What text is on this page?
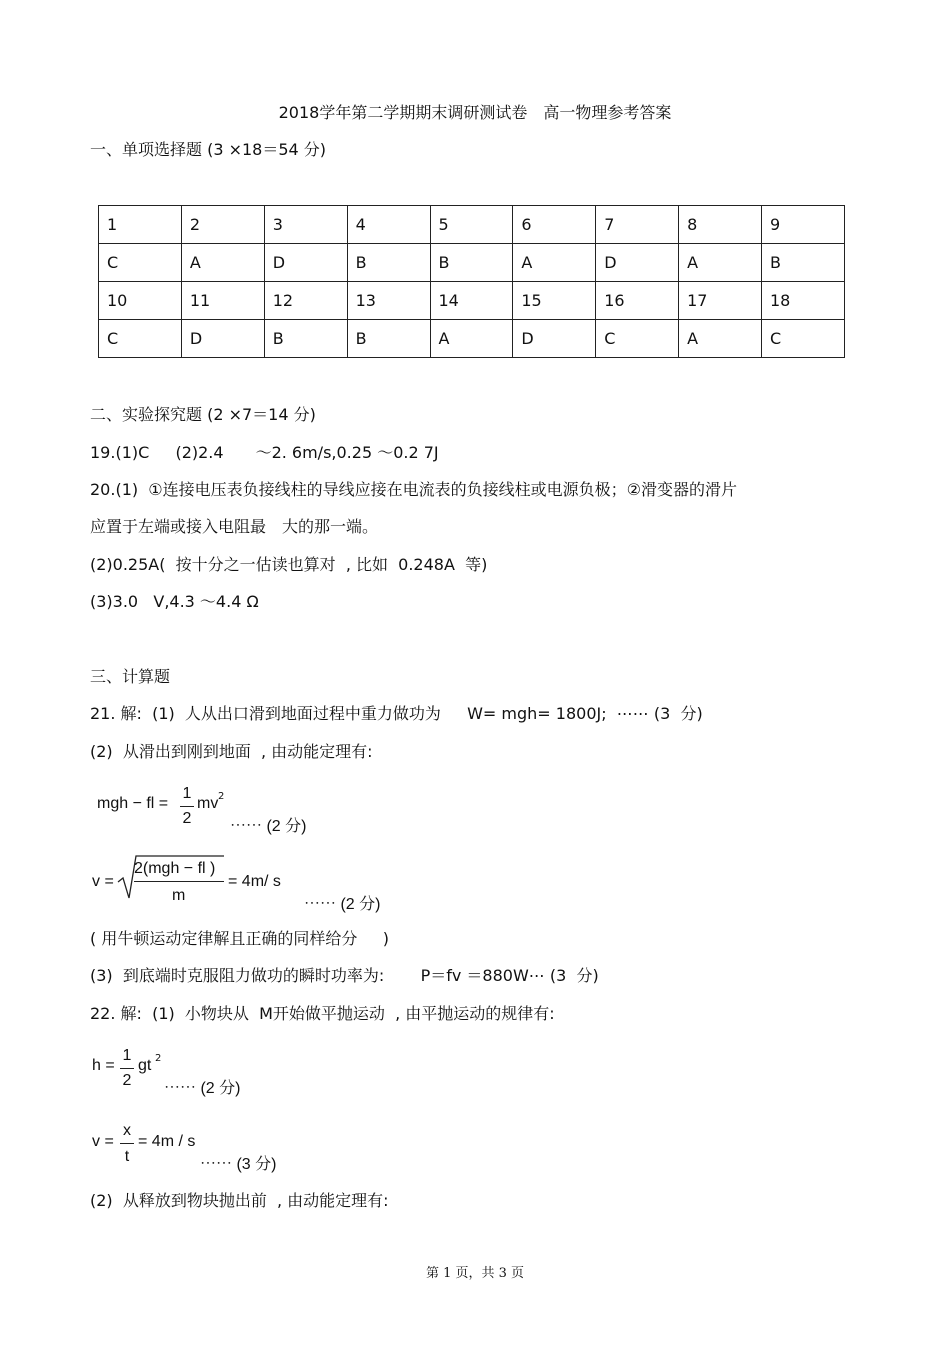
2018学年第二学期期末调研测试卷　高一物理参考答案
一、单项选择题 (3 ×18＝54 分)
1	2	3	4	5	6	7	8	9
C	A	D	B	B	A	D	A	B
10	11	12	13	14	15	16	17	18
C	D	B	B	A	D	C	A	C
二、实验探究题 (2 ×7＝14 分)
19.(1)C　  (2)2.4　　～2. 6m/s,0.25 ～0.2 7J
20.(1)  ①连接电压表负接线柱的导线应接在电流表的负接线柱或电源负极；②滑变器的滑片
应置于左端或接入电阻最　大的那一端。
(2)0.25A(  按十分之一估读也算对  , 比如  0.248A  等)
(3)3.0   V,4.3 ～4.4 Ω
三、计算题
21. 解:  (1)  人从出口滑到地面过程中重力做功为　  W= mgh= 1800J;  ⋯⋯ (3  分)
(2)  从滑出到刚到地面  , 由动能定理有:
mgh − fl =
1
2
mv 2
⋯⋯ (2 分)
v =
2(mgh − fl )
m
= 4m/ s
⋯⋯ (2 分)
( 用牛顿运动定律解且正确的同样给分     )
(3)  到底端时克服阻力做功的瞬时功率为:  　  P＝fv ＝880W⋯ (3  分)
22. 解:  (1)  小物块从  M开始做平抛运动  , 由平抛运动的规律有:
h =
1
2
gt 2
⋯⋯ (2 分)
v =
x
t
= 4m / s
⋯⋯ (3 分)
(2)  从释放到物块抛出前  , 由动能定理有:
第 1 页，共 3 页
